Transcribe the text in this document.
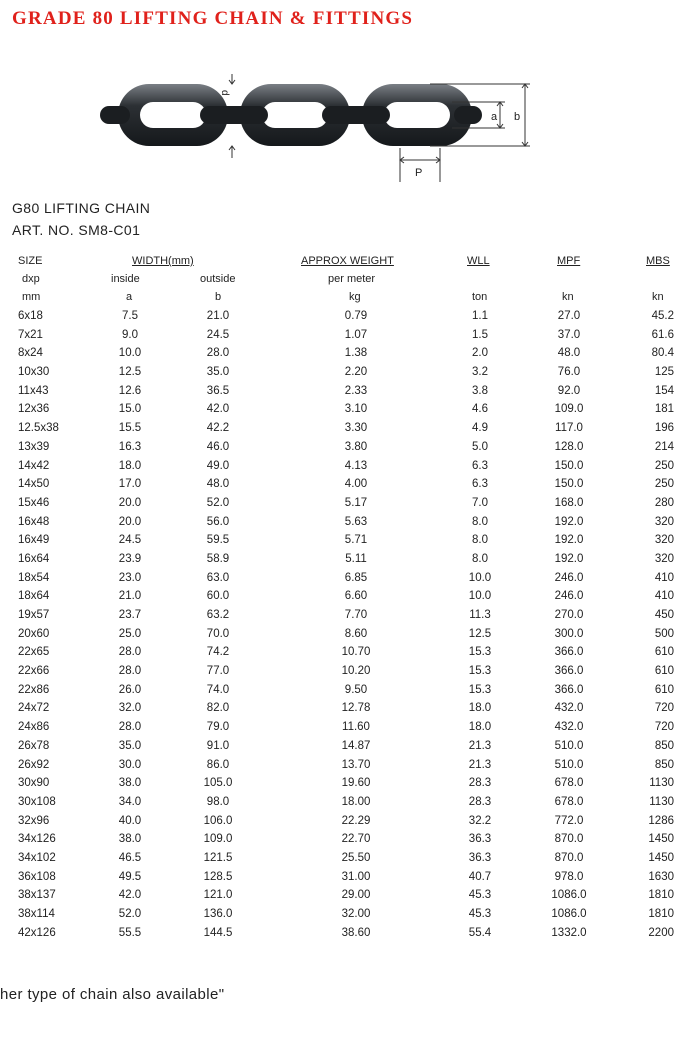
GRADE 80 LIFTING CHAIN & FITTINGS
d
a b
P
G80 LIFTING CHAIN
ART. NO. SM8-C01
SIZE	WIDTH(mm)	APPROX WEIGHT	WLL	MPF	MBS
dxp	inside	outside	per meter
mm	a	b	kg	ton	kn	kn
6x18	7.5	21.0	0.79	1.1	27.0	45.2
7x21	9.0	24.5	1.07	1.5	37.0	61.6
8x24	10.0	28.0	1.38	2.0	48.0	80.4
10x30	12.5	35.0	2.20	3.2	76.0	125
11x43	12.6	36.5	2.33	3.8	92.0	154
12x36	15.0	42.0	3.10	4.6	109.0	181
12.5x38	15.5	42.2	3.30	4.9	117.0	196
13x39	16.3	46.0	3.80	5.0	128.0	214
14x42	18.0	49.0	4.13	6.3	150.0	250
14x50	17.0	48.0	4.00	6.3	150.0	250
15x46	20.0	52.0	5.17	7.0	168.0	280
16x48	20.0	56.0	5.63	8.0	192.0	320
16x49	24.5	59.5	5.71	8.0	192.0	320
16x64	23.9	58.9	5.11	8.0	192.0	320
18x54	23.0	63.0	6.85	10.0	246.0	410
18x64	21.0	60.0	6.60	10.0	246.0	410
19x57	23.7	63.2	7.70	11.3	270.0	450
20x60	25.0	70.0	8.60	12.5	300.0	500
22x65	28.0	74.2	10.70	15.3	366.0	610
22x66	28.0	77.0	10.20	15.3	366.0	610
22x86	26.0	74.0	9.50	15.3	366.0	610
24x72	32.0	82.0	12.78	18.0	432.0	720
24x86	28.0	79.0	11.60	18.0	432.0	720
26x78	35.0	91.0	14.87	21.3	510.0	850
26x92	30.0	86.0	13.70	21.3	510.0	850
30x90	38.0	105.0	19.60	28.3	678.0	1130
30x108	34.0	98.0	18.00	28.3	678.0	1130
32x96	40.0	106.0	22.29	32.2	772.0	1286
34x126	38.0	109.0	22.70	36.3	870.0	1450
34x102	46.5	121.5	25.50	36.3	870.0	1450
36x108	49.5	128.5	31.00	40.7	978.0	1630
38x137	42.0	121.0	29.00	45.3	1086.0	1810
38x114	52.0	136.0	32.00	45.3	1086.0	1810
42x126	55.5	144.5	38.60	55.4	1332.0	2200
her type of chain also available"
